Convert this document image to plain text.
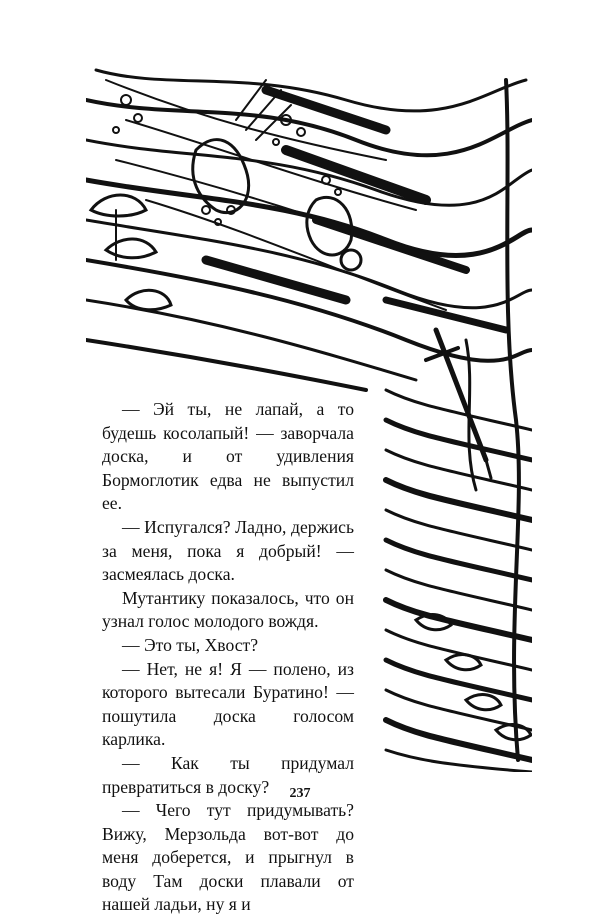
— Эй ты, не лапай, а то будешь косолапый! — заворчала доска, и от удивления Бормоглотик едва не выпустил ее.

— Испугался? Ладно, держись за меня, пока я добрый! — засмеялась доска.

Мутантику показалось, что он узнал голос молодого вождя.

— Это ты, Хвост?

— Нет, не я! Я — полено, из которого вытесали Буратино! — пошутила доска голосом карлика.

— Как ты придумал превратиться в доску?

— Чего тут придумывать? Вижу, Мерзольда вот-вот до меня доберется, и прыгнул в воду Там доски плавали от нашей ладьи, ну я и

237
